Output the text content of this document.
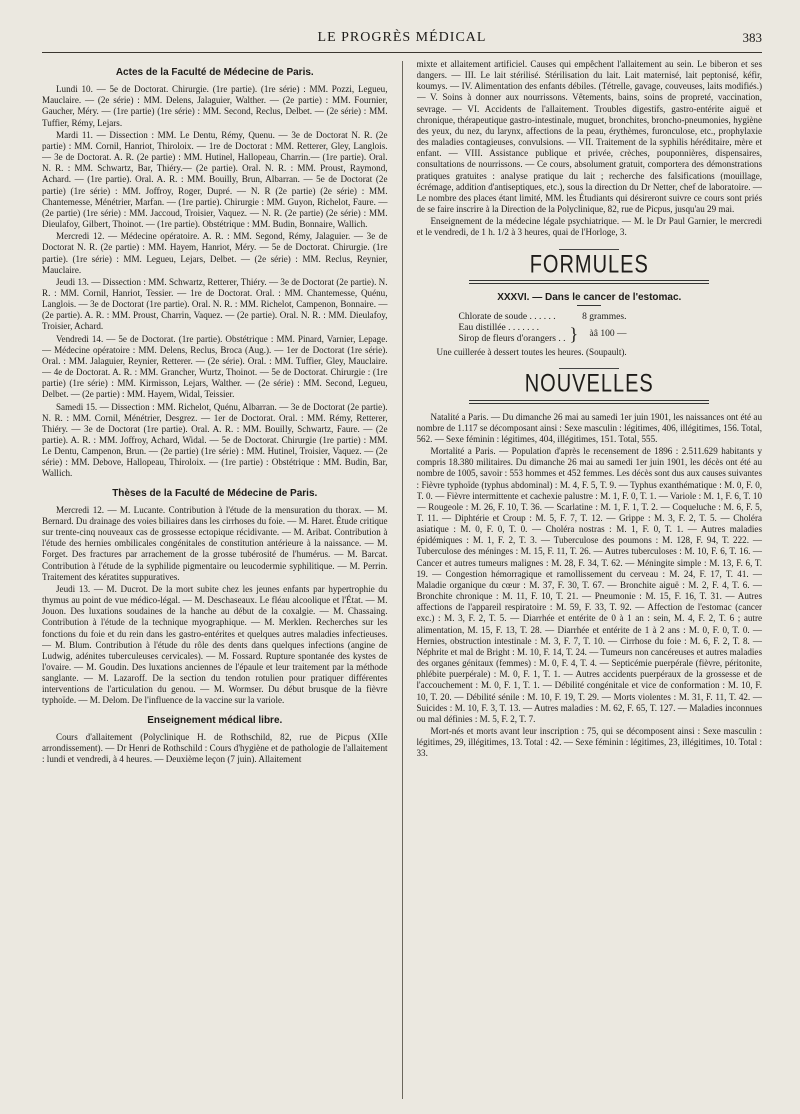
LE PROGRÈS MÉDICAL	383
Actes de la Faculté de Médecine de Paris.

Lundi 10. — 5e de Doctorat. Chirurgie. (1re partie). (1re série) : MM. Pozzi, Legueu, Mauclaire. — (2e série) : MM. Delens, Jalaguier, Walther. — (2e partie) : MM. Fournier, Gaucher, Méry. — (1re partie) (1re série) : MM. Second, Reclus, Delbet. — (2e série) : MM. Tuffier, Rémy, Lejars.

Mardi 11. — Dissection : MM. Le Dentu, Rémy, Quenu. — 3e de Doctorat N. R. (2e partie) : MM. Cornil, Hanriot, Thiroloix. — 1re de Doctorat : MM. Retterer, Gley, Langlois. — 3e de Doctorat. A. R. (2e partie) : MM. Hutinel, Hallopeau, Charrin.— (1re partie). Oral. N. R. : MM. Schwartz, Bar, Thiéry.— (2e partie). Oral. N. R. : MM. Proust, Raymond, Achard. — (1re partie). Oral. A. R. : MM. Bouilly, Brun, Albarran. — 5e de Doctorat (2e partie) (1re série) : MM. Joffroy, Roger, Dupré. — N. R (2e partie) (2e série) : MM. Chantemesse, Ménétrier, Marfan. — (1re partie). Chirurgie : MM. Guyon, Richelot, Faure. — (2e partie) (1re série) : MM. Jaccoud, Troisier, Vaquez. — N. R. (2e partie) (2e série) : MM. Dieulafoy, Gilbert, Thoinot. — (1re partie). Obstétrique : MM. Budin, Bonnaire, Wallich.

Mercredi 12. — Médecine opératoire. A. R. : MM. Segond, Rémy, Jalaguier. — 3e de Doctorat N. R. (2e partie) : MM. Hayem, Hanriot, Méry. — 5e de Doctorat. Chirurgie. (1re partie). (1re série) : MM. Legueu, Lejars, Delbet. — (2e série) : MM. Reclus, Reynier, Mauclaire.

Jeudi 13. — Dissection : MM. Schwartz, Retterer, Thiéry. — 3e de Doctorat (2e partie). N. R. : MM. Cornil, Hanriot, Tessier. — 1re de Doctorat. Oral. : MM. Chantemesse, Quénu, Langlois. — 3e de Doctorat (1re partie). Oral. N. R. : MM. Richelot, Campenon, Bonnaire. — (2e partie). A. R. : MM. Proust, Charrin, Vaquez. — (2e partie). Oral. N. R. : MM. Dieulafoy, Troisier, Achard.

Vendredi 14. — 5e de Doctorat. (1re partie). Obstétrique : MM. Pinard, Varnier, Lepage. — Médecine opératoire : MM. Delens, Reclus, Broca (Aug.). — 1er de Doctorat (1re série). Oral. : MM. Jalaguier, Reynier, Retterer. — (2e série). Oral. : MM. Tuffier, Gley, Mauclaire. — 4e de Doctorat. A. R. : MM. Grancher, Wurtz, Thoinot. — 5e de Doctorat. Chirurgie : (1re partie) (1re série) : MM. Kirmisson, Lejars, Walther. — (2e série) : MM. Second, Legueu, Delbet. — (2e partie) : MM. Hayem, Widal, Teissier.

Samedi 15. — Dissection : MM. Richelot, Quénu, Albarran. — 3e de Doctorat (2e partie). N. R. : MM. Cornil, Ménétrier, Desgrez. — 1er de Doctorat. Oral. : MM. Rémy, Retterer, Thiéry. — 3e de Doctorat (1re partie). Oral. A. R. : MM. Bouilly, Schwartz, Faure. — (2e partie). A. R. : MM. Joffroy, Achard, Widal. — 5e de Doctorat. Chirurgie (1re partie) : MM. Le Dentu, Campenon, Brun. — (2e partie) (1re série) : MM. Hutinel, Troisier, Vaquez. — (2e série) : MM. Debove, Hallopeau, Thiroloix. — (1re partie) : Obstétrique : MM. Budin, Bar, Wallich.

Thèses de la Faculté de Médecine de Paris.

Mercredi 12. — M. Lucante. Contribution à l'étude de la mensuration du thorax. — M. Bernard. Du drainage des voies biliaires dans les cirrhoses du foie. — M. Haret. Étude critique sur trente-cinq nouveaux cas de grossesse ectopique récidivante. — M. Aribat. Contribution à l'étude des hernies ombilicales congénitales de constitution antérieure à la naissance. — M. Forget. Des fractures par arrachement de la grosse tubérosité de l'humérus. — M. Barcat. Contribution à l'étude de la syphilide pigmentaire ou leucodermie syphilitique. — M. Perrin. Traitement des kératites suppuratives.

Jeudi 13. — M. Ducrot. De la mort subite chez les jeunes enfants par hypertrophie du thymus au point de vue médico-légal. — M. Deschaseaux. Le fléau alcoolique et l'État. — M. Jouon. Des luxations soudaines de la hanche au début de la coxalgie. — M. Chassaing. Contribution à l'étude de la technique myographique. — M. Merklen. Recherches sur les fonctions du foie et du rein dans les gastro-entérites et quelques autres maladies infectieuses. — M. Blum. Contribution à l'étude du rôle des dents dans quelques infections (angine de Ludwig, adénites tuberculeuses cervicales). — M. Fossard. Rupture spontanée des kystes de l'ovaire. — M. Goudin. Des luxations anciennes de l'épaule et leur traitement par la méthode sanglante. — M. Lazaroff. De la section du tendon rotulien pour pratiquer différentes interventions de l'articulation du genou. — M. Wormser. Du début brusque de la fièvre typhoïde. — M. Delom. De l'influence de la vaccine sur la variole.

Enseignement médical libre.

Cours d'allaitement (Polyclinique H. de Rothschild, 82, rue de Picpus (XIIe arrondissement). — Dr Henri de Rothschild : Cours d'hygiène et de pathologie de l'allaitement : lundi et vendredi, à 4 heures. — Deuxième leçon (7 juin). Allaitement

mixte et allaitement artificiel. Causes qui empêchent l'allaitement au sein. Le biberon et ses dangers. — III. Le lait stérilisé. Stérilisation du lait. Lait maternisé, lait peptonisé, kéfir, koumys. — IV. Alimentation des enfants débiles. (Tétrelle, gavage, couveuses, laits modifiés.) — V. Soins à donner aux nourrissons. Vêtements, bains, soins de propreté, vaccination, sevrage. — VI. Accidents de l'allaitement. Troubles digestifs, gastro-entérite aiguë et chronique, thérapeutique gastro-intestinale, muguet, bronchites, broncho-pneumonies, hygiène des yeux, du nez, du larynx, affections de la peau, érythèmes, furonculose, etc., prophylaxie des maladies contagieuses, convulsions. — VII. Traitement de la syphilis héréditaire, mère et enfant. — VIII. Assistance publique et privée, crèches, pouponnières, dispensaires, consultations de nourrissons. — Ce cours, absolument gratuit, comportera des démonstrations pratiques gratuites : analyse pratique du lait ; recherche des falsifications (mouillage, écrémage, addition d'antiseptiques, etc.), sous la direction du Dr Netter, chef de laboratoire. — Le nombre des places étant limité, MM. les Étudiants qui désireront suivre ce cours sont priés de se faire inscrire à la Direction de la Polyclinique, 82, rue de Picpus, jusqu'au 29 mai.

Enseignement de la médecine légale psychiatrique. — M. le Dr Paul Garnier, le mercredi et le vendredi, de 1 h. 1/2 à 3 heures, quai de l'Horloge, 3.

FORMULES
XXXVI. — Dans le cancer de l'estomac.
Chlorate de soude . . . . . .		8 grammes.
Eau distillée . . . . . . .	}	àâ 100 —
Sirop de fleurs d'orangers . .		

Une cuillerée à dessert toutes les heures. (Soupault).

NOUVELLES

Natalité a Paris. — Du dimanche 26 mai au samedi 1er juin 1901, les naissances ont été au nombre de 1.117 se décomposant ainsi : Sexe masculin : légitimes, 406, illégitimes, 156. Total, 562. — Sexe féminin : légitimes, 404, illégitimes, 151. Total, 555.

Mortalité a Paris. — Population d'après le recensement de 1896 : 2.511.629 habitants y compris 18.380 militaires. Du dimanche 26 mai au samedi 1er juin 1901, les décès ont été au nombre de 1005, savoir : 553 hommes et 452 femmes. Les décès sont dus aux causes suivantes : Fièvre typhoïde (typhus abdominal) : M. 4, F. 5, T. 9. — Typhus exanthématique : M. 0, F. 0, T. 0. — Fièvre intermittente et cachexie palustre : M. 1, F. 0, T. 1. — Variole : M. 1, F. 6, T. 10— Rougeole : M. 26, F. 10, T. 36. — Scarlatine : M. 1, F. 1, T. 2. — Coqueluche : M. 6, F. 5, T. 11. — Diphtérie et Croup : M. 5, F. 7, T. 12. — Grippe : M. 3, F. 2, T. 5. — Choléra asiatique : M. 0, F. 0, T. 0. — Choléra nostras : M. 1, F. 0, T. 1. — Autres maladies épidémiques : M. 1, F. 2, T. 3. — Tuberculose des poumons : M. 128, F. 94, T. 222. — Tuberculose des méninges : M. 15, F. 11, T. 26. — Autres tuberculoses : M. 10, F. 6, T. 16. — Cancer et autres tumeurs malignes : M. 28, F. 34, T. 62. — Méningite simple : M. 13, F. 6, T. 19. — Congestion hémorragique et ramollissement du cerveau : M. 24, F. 17, T. 41. — Maladie organique du cœur : M. 37, F. 30, T. 67. — Bronchite aiguë : M. 2, F. 4, T. 6. — Bronchite chronique : M. 11, F. 10, T. 21. — Pneumonie : M. 15, F. 16, T. 31. — Autres affections de l'appareil respiratoire : M. 59, F. 33, T. 92. — Affection de l'estomac (cancer exc.) : M. 3, F. 2, T. 5. — Diarrhée et entérite de 0 à 1 an : sein, M. 4, F. 2, T. 6 ; autre alimentation, M. 15, F. 13, T. 28. — Diarrhée et entérite de 1 à 2 ans : M. 0, F. 0, T. 0. — Hernies, obstruction intestinale : M. 3, F. 7, T. 10. — Cirrhose du foie : M. 6, F. 2, T. 8. — Néphrite et mal de Bright : M. 10, F. 14, T. 24. — Tumeurs non cancéreuses et autres maladies des organes génitaux (femmes) : M. 0, F. 4, T. 4. — Septicémie puerpérale (fièvre, péritonite, phlébite puerpérale) : M. 0, F. 1, T. 1. — Autres accidents puerpéraux de la grossesse et de l'accouchement : M. 0, F. 1, T. 1. — Débilité congénitale et vice de conformation : M. 10, F. 10, T. 20. — Débilité sénile : M. 10, F. 19, T. 29. — Morts violentes : M. 31, F. 11, T. 42. — Suicides : M. 10, F. 3, T. 13. — Autres maladies : M. 62, F. 65, T. 127. — Maladies inconnues ou mal définies : M. 5, F. 2, T. 7.

Mort-nés et morts avant leur inscription : 75, qui se décomposent ainsi : Sexe masculin : légitimes, 29, illégitimes, 13. Total : 42. — Sexe féminin : légitimes, 23, illégitimes, 10. Total : 33.
